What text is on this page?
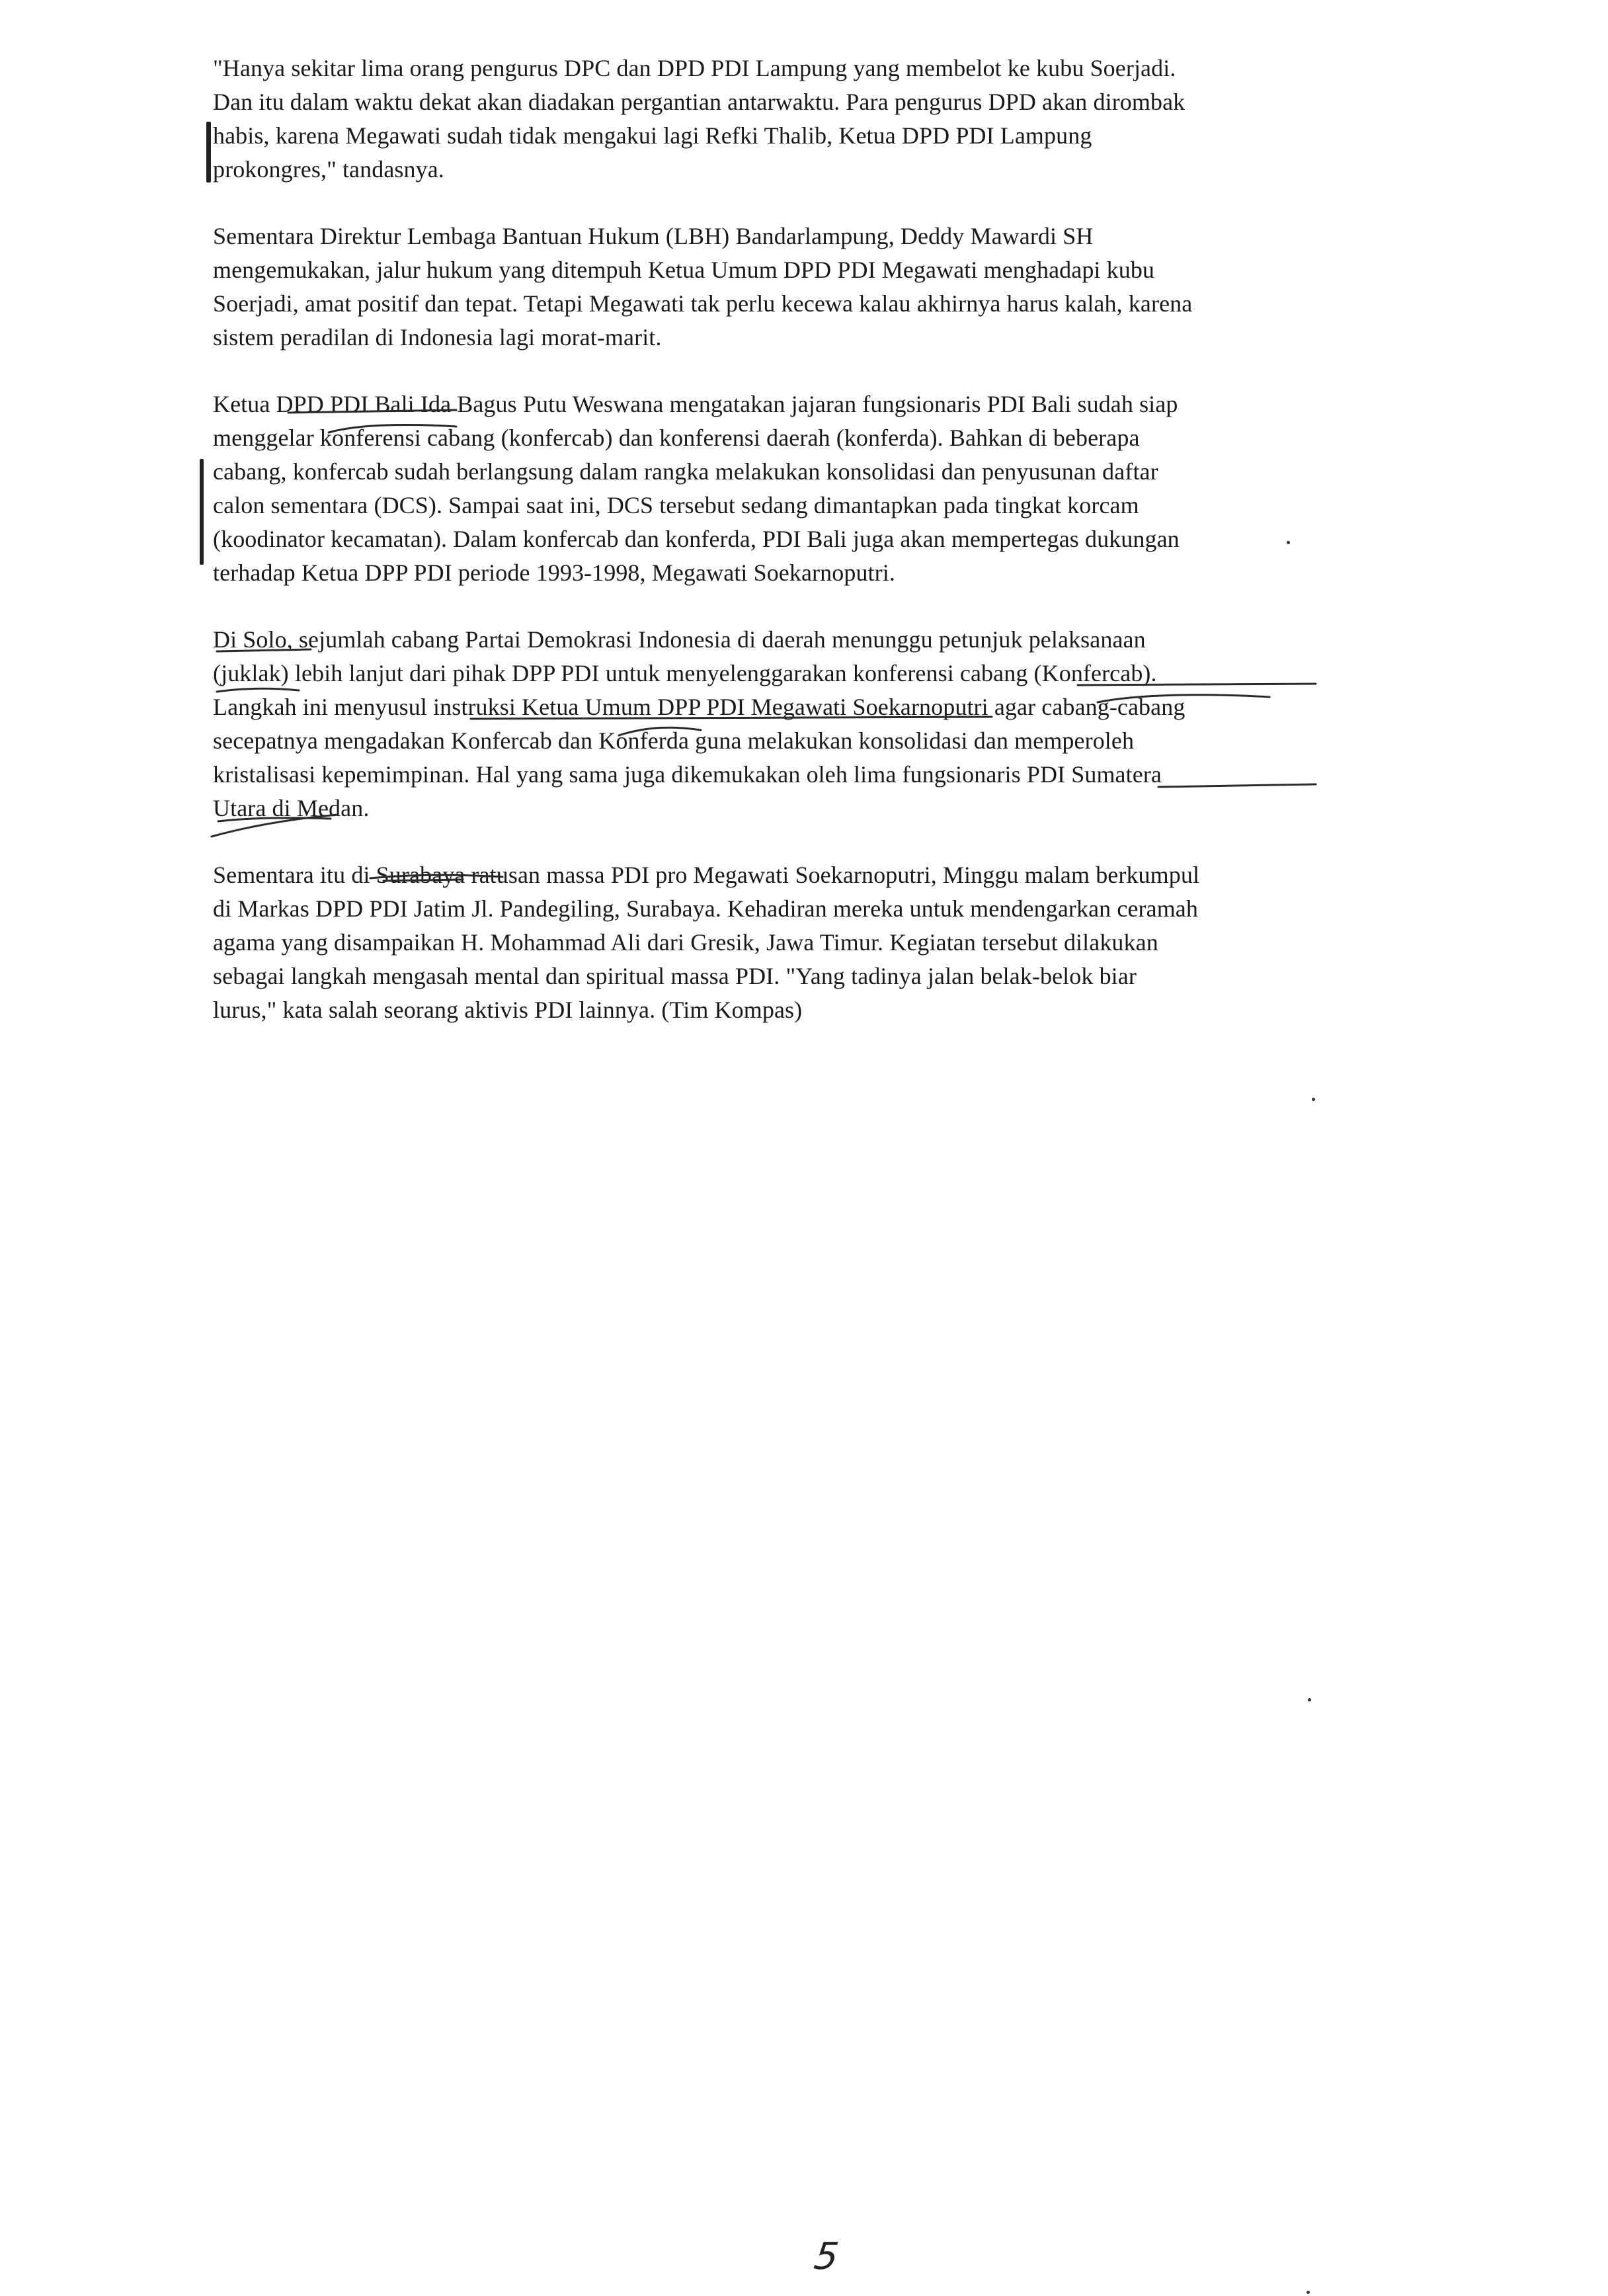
"Hanya sekitar lima orang pengurus DPC dan DPD PDI Lampung yang membelot ke kubu Soerjadi.
Dan itu dalam waktu dekat akan diadakan pergantian antarwaktu. Para pengurus DPD akan dirombak
habis, karena Megawati sudah tidak mengakui lagi Refki Thalib, Ketua DPD PDI Lampung
prokongres," tandasnya.

Sementara Direktur Lembaga Bantuan Hukum (LBH) Bandarlampung, Deddy Mawardi SH
mengemukakan, jalur hukum yang ditempuh Ketua Umum DPD PDI Megawati menghadapi kubu
Soerjadi, amat positif dan tepat. Tetapi Megawati tak perlu kecewa kalau akhirnya harus kalah, karena
sistem peradilan di Indonesia lagi morat-marit.

Ketua DPD PDI Bali Ida Bagus Putu Weswana mengatakan jajaran fungsionaris PDI Bali sudah siap
menggelar konferensi cabang (konfercab) dan konferensi daerah (konferda). Bahkan di beberapa
cabang, konfercab sudah berlangsung dalam rangka melakukan konsolidasi dan penyusunan daftar
calon sementara (DCS). Sampai saat ini, DCS tersebut sedang dimantapkan pada tingkat korcam
(koodinator kecamatan). Dalam konfercab dan konferda, PDI Bali juga akan mempertegas dukungan
terhadap Ketua DPP PDI periode 1993-1998, Megawati Soekarnoputri.

Di Solo, sejumlah cabang Partai Demokrasi Indonesia di daerah menunggu petunjuk pelaksanaan
(juklak) lebih lanjut dari pihak DPP PDI untuk menyelenggarakan konferensi cabang (Konfercab).
Langkah ini menyusul instruksi Ketua Umum DPP PDI Megawati Soekarnoputri agar cabang-cabang
secepatnya mengadakan Konfercab dan Konferda guna melakukan konsolidasi dan memperoleh
kristalisasi kepemimpinan. Hal yang sama juga dikemukakan oleh lima fungsionaris PDI Sumatera
Utara di Medan.

Sementara itu di Surabaya ratusan massa PDI pro Megawati Soekarnoputri, Minggu malam berkumpul
di Markas DPD PDI Jatim Jl. Pandegiling, Surabaya. Kehadiran mereka untuk mendengarkan ceramah
agama yang disampaikan H. Mohammad Ali dari Gresik, Jawa Timur. Kegiatan tersebut dilakukan
sebagai langkah mengasah mental dan spiritual massa PDI. "Yang tadinya jalan belak-belok biar
lurus," kata salah seorang aktivis PDI lainnya. (Tim Kompas)

5
